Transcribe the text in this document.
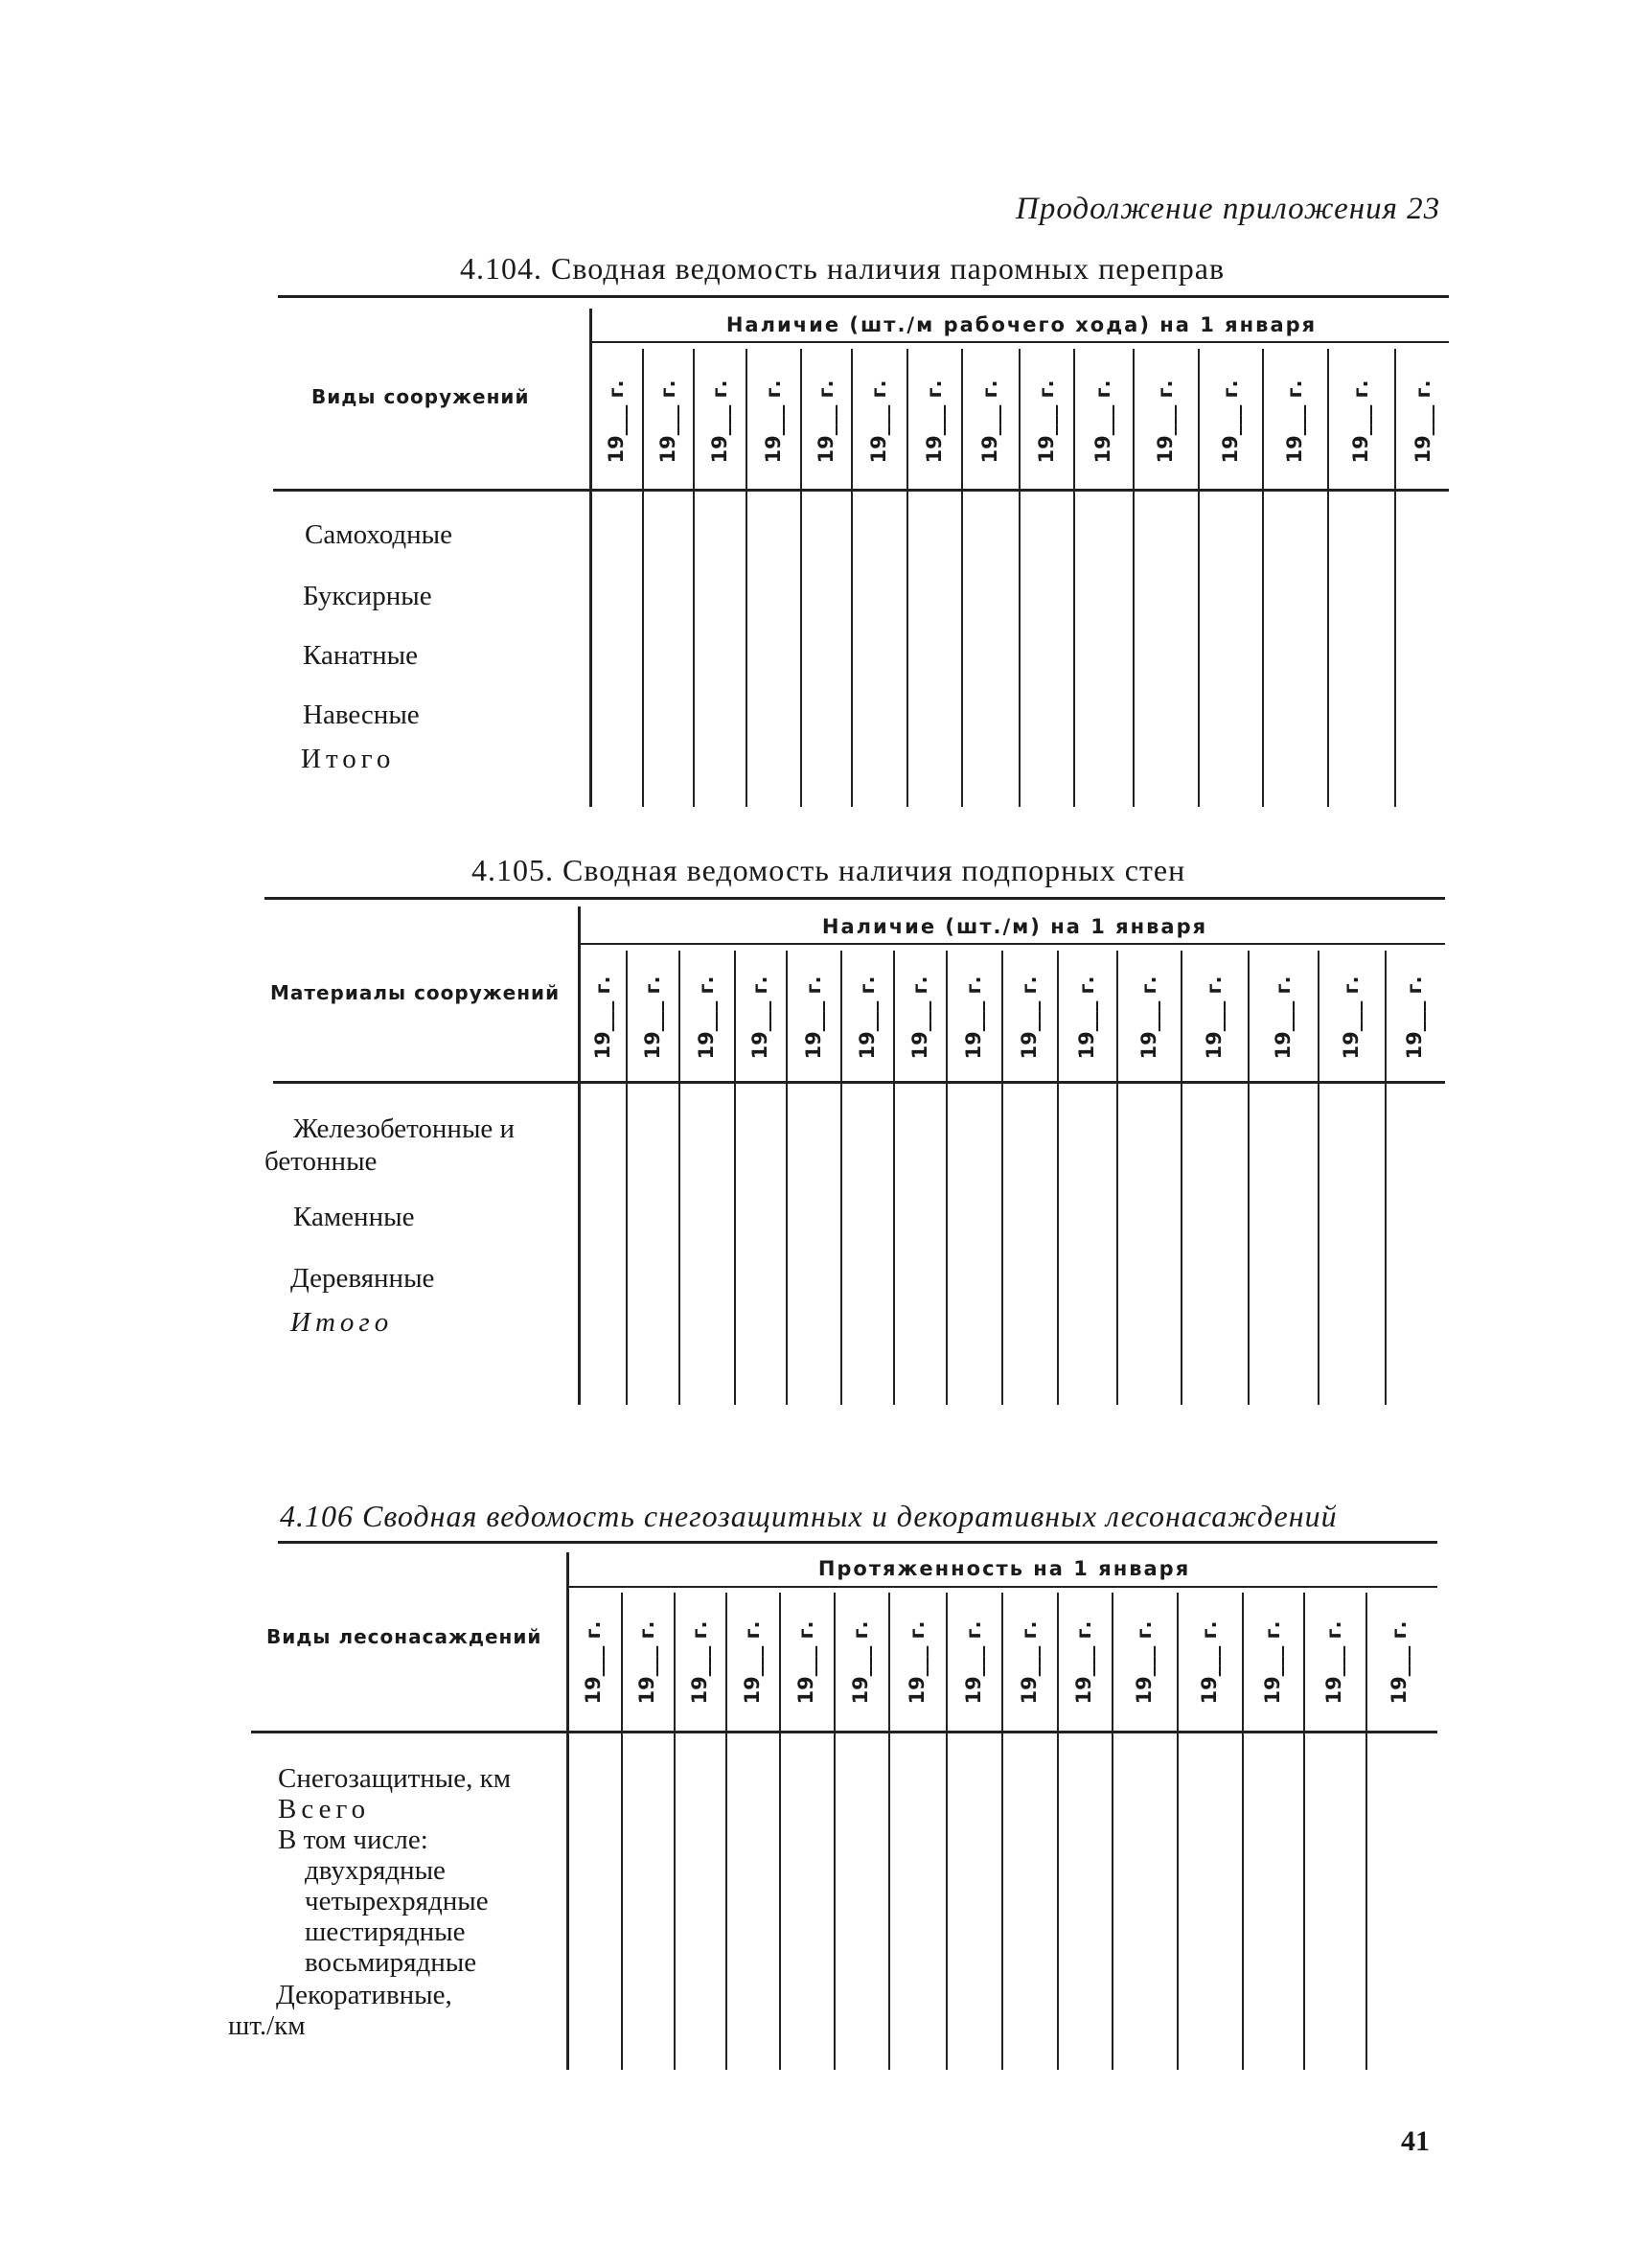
Продолжение приложения 23
4.104. Сводная ведомость наличия паромных переправ
Наличие (шт./м рабочего хода) на 1 января
Виды сооружений	19___ г. 19___ г. 19___ г. 19___ г. 19___ г. 19___ г. 19___ г. 19___ г. 19___ г. 19___ г. 19___ г. 19___ г. 19___ г. 19___ г. 19___ г.
Самоходные
Буксирные
Канатные
Навесные
Итого
4.105. Сводная ведомость наличия подпорных стен
Наличие (шт./м) на 1 января
Материалы сооружений 19___ г. 19___ г. 19___ г. 19___ г. 19___ г. 19___ г. 19___ г. 19___ г. 19___ г. 19___ г. 19___ г. 19___ г. 19___ г. 19___ г. 19___ г.
Железобетонные и
бетонные
Каменные
Деревянные
Итого
4.106 Сводная ведомость снегозащитных и декоративных лесонасаждений
Протяженность на 1 января
Виды лесонасаждений 19___ г. 19___ г. 19___ г. 19___ г. 19___ г. 19___ г. 19___ г. 19___ г. 19___ г. 19___ г. 19___ г. 19___ г. 19___ г. 19___ г. 19___ г.
Снегозащитные, км
Всего
В том числе:
двухрядные
четырехрядные
шестирядные
восьмирядные
Декоративные,
шт./км
41
